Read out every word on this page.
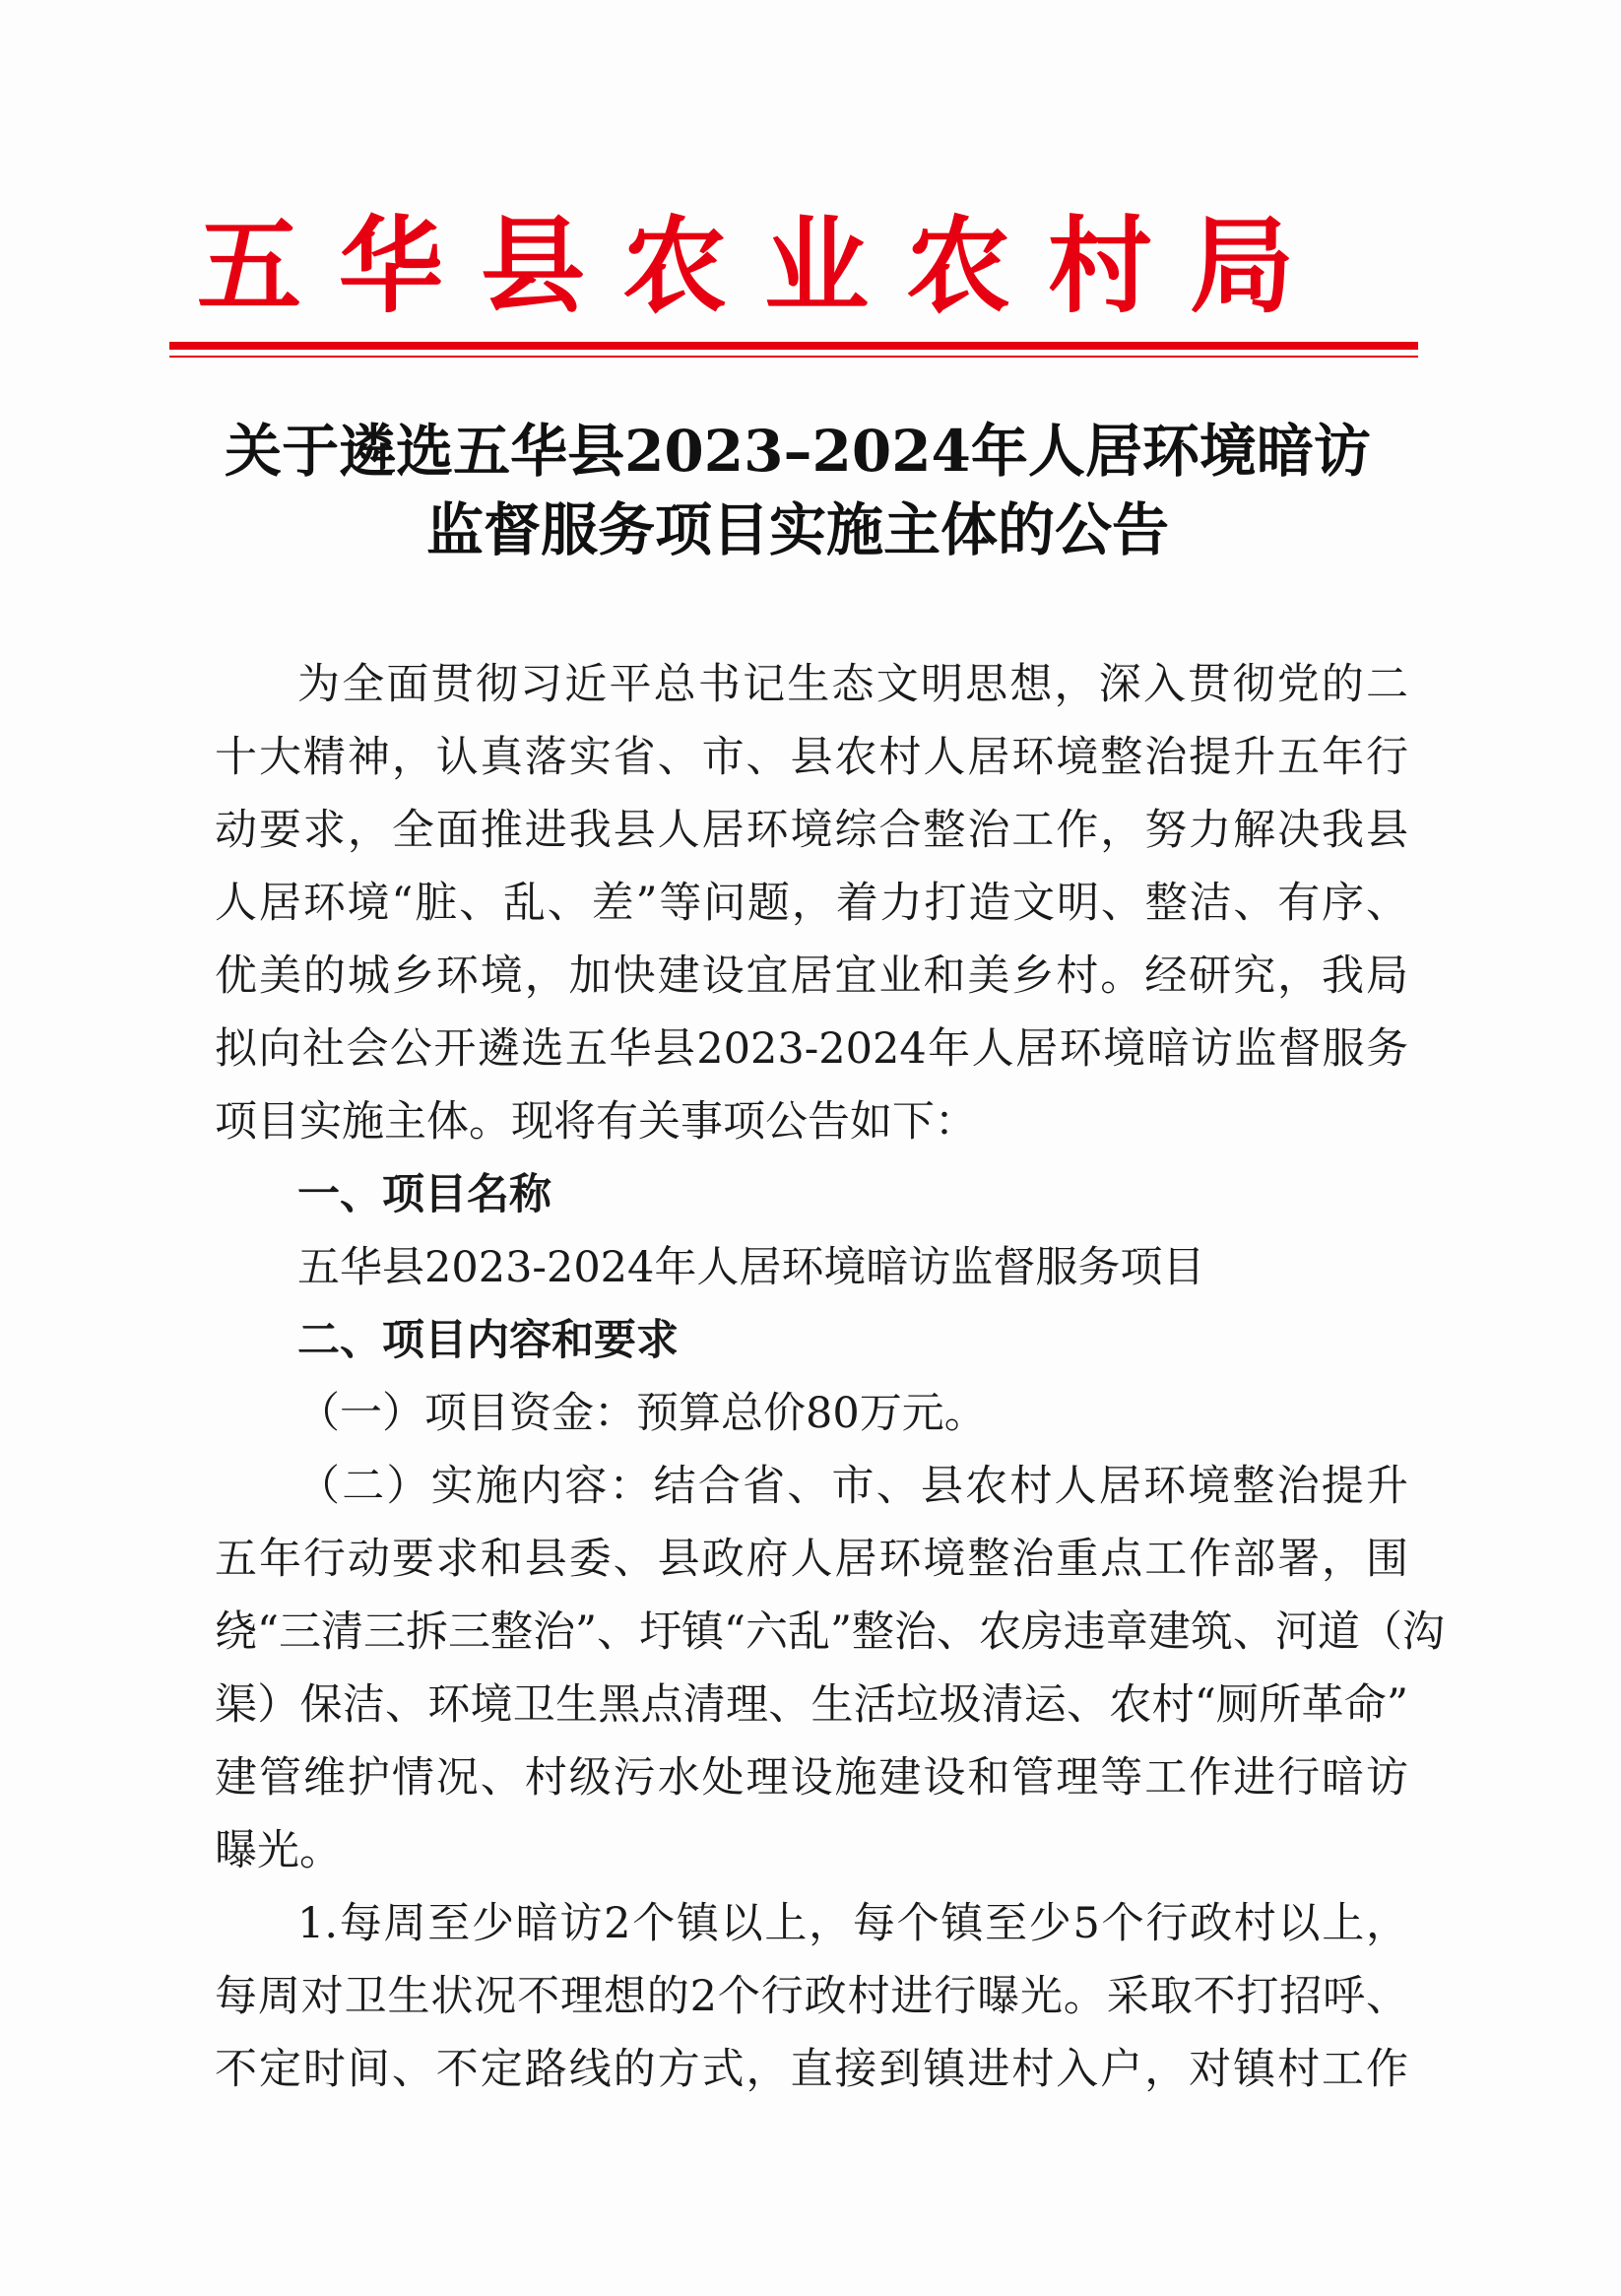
五华县农业农村局
关于遴选五华县2023–2024年人居环境暗访
监督服务项目实施主体的公告
为全面贯彻习近平总书记生态文明思想，深入贯彻党的二
十大精神，认真落实省、市、县农村人居环境整治提升五年行
动要求，全面推进我县人居环境综合整治工作，努力解决我县
人居环境“脏、乱、差”等问题，着力打造文明、整洁、有序、
优美的城乡环境，加快建设宜居宜业和美乡村。经研究，我局
拟向社会公开遴选五华县2023-2024年人居环境暗访监督服务
项目实施主体。现将有关事项公告如下：
一、项目名称
五华县2023-2024年人居环境暗访监督服务项目
二、项目内容和要求
（一）项目资金：预算总价80万元。
（二）实施内容：结合省、市、县农村人居环境整治提升
五年行动要求和县委、县政府人居环境整治重点工作部署，围
绕“三清三拆三整治”、圩镇“六乱”整治、农房违章建筑、河道（沟
渠）保洁、环境卫生黑点清理、生活垃圾清运、农村“厕所革命”
建管维护情况、村级污水处理设施建设和管理等工作进行暗访
曝光。
1.每周至少暗访2个镇以上，每个镇至少5个行政村以上，
每周对卫生状况不理想的2个行政村进行曝光。采取不打招呼、
不定时间、不定路线的方式，直接到镇进村入户，对镇村工作
